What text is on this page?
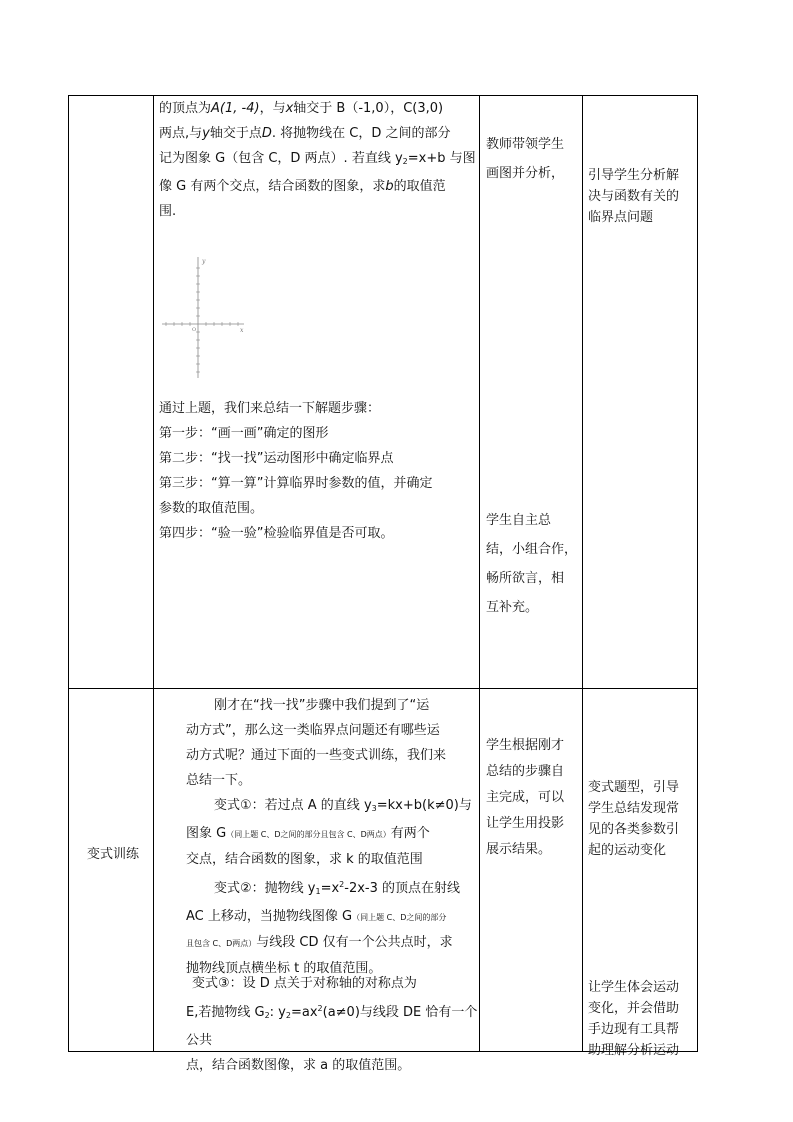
的顶点为A(1, -4)，与x轴交于 B（-1,0），C(3,0)

两点,与y轴交于点D. 将抛物线在 C，D 之间的部分

记为图象 G（包含 C，D 两点）. 若直线 $y_2=x+b$ 与图

像 G 有两个交点，结合函数的图象，求b的取值范

围.

y
x
O

通过上题，我们来总结一下解题步骤：

第一步：“画一画”确定的图形

第二步：“找一找”运动图形中确定临界点

第三步：“算一算”计算临界时参数的值，并确定

参数的取值范围。

第四步：“验一验”检验临界值是否可取。

教师带领学生

画图并分析，

学生自主总

结，小组合作，

畅所欲言，相

互补充。

引导学生分析解

决与函数有关的

临界点问题

变式训练

刚才在“找一找”步骤中我们提到了“运

动方式”，那么这一类临界点问题还有哪些运

动方式呢？通过下面的一些变式训练，我们来

总结一下。

变式①：若过点 A 的直线 $y_3=kx+b(k\ne 0)$与

图象 G（同上题 C、D之间的部分且包含 C、D两点）有两个

交点，结合函数的图象，求 k 的取值范围

变式②：抛物线 $y_1=x^2-2x-3$ 的顶点在射线

AC 上移动，当抛物线图像 G（同上题 C、D之间的部分

且包含 C、D两点）与线段 CD 仅有一个公共点时，求

抛物线顶点横坐标 t 的取值范围。

变式③：设 D 点关于对称轴的对称点为

E,若抛物线 $G_2$: $y_2=ax^2(a\ne 0)$与线段 DE 恰有一个公共

点，结合函数图像，求 a 的取值范围。

学生根据刚才

总结的步骤自

主完成，可以

让学生用投影

展示结果。

变式题型，引导

学生总结发现常

见的各类参数引

起的运动变化

让学生体会运动

变化，并会借助

手边现有工具帮

助理解分析运动
